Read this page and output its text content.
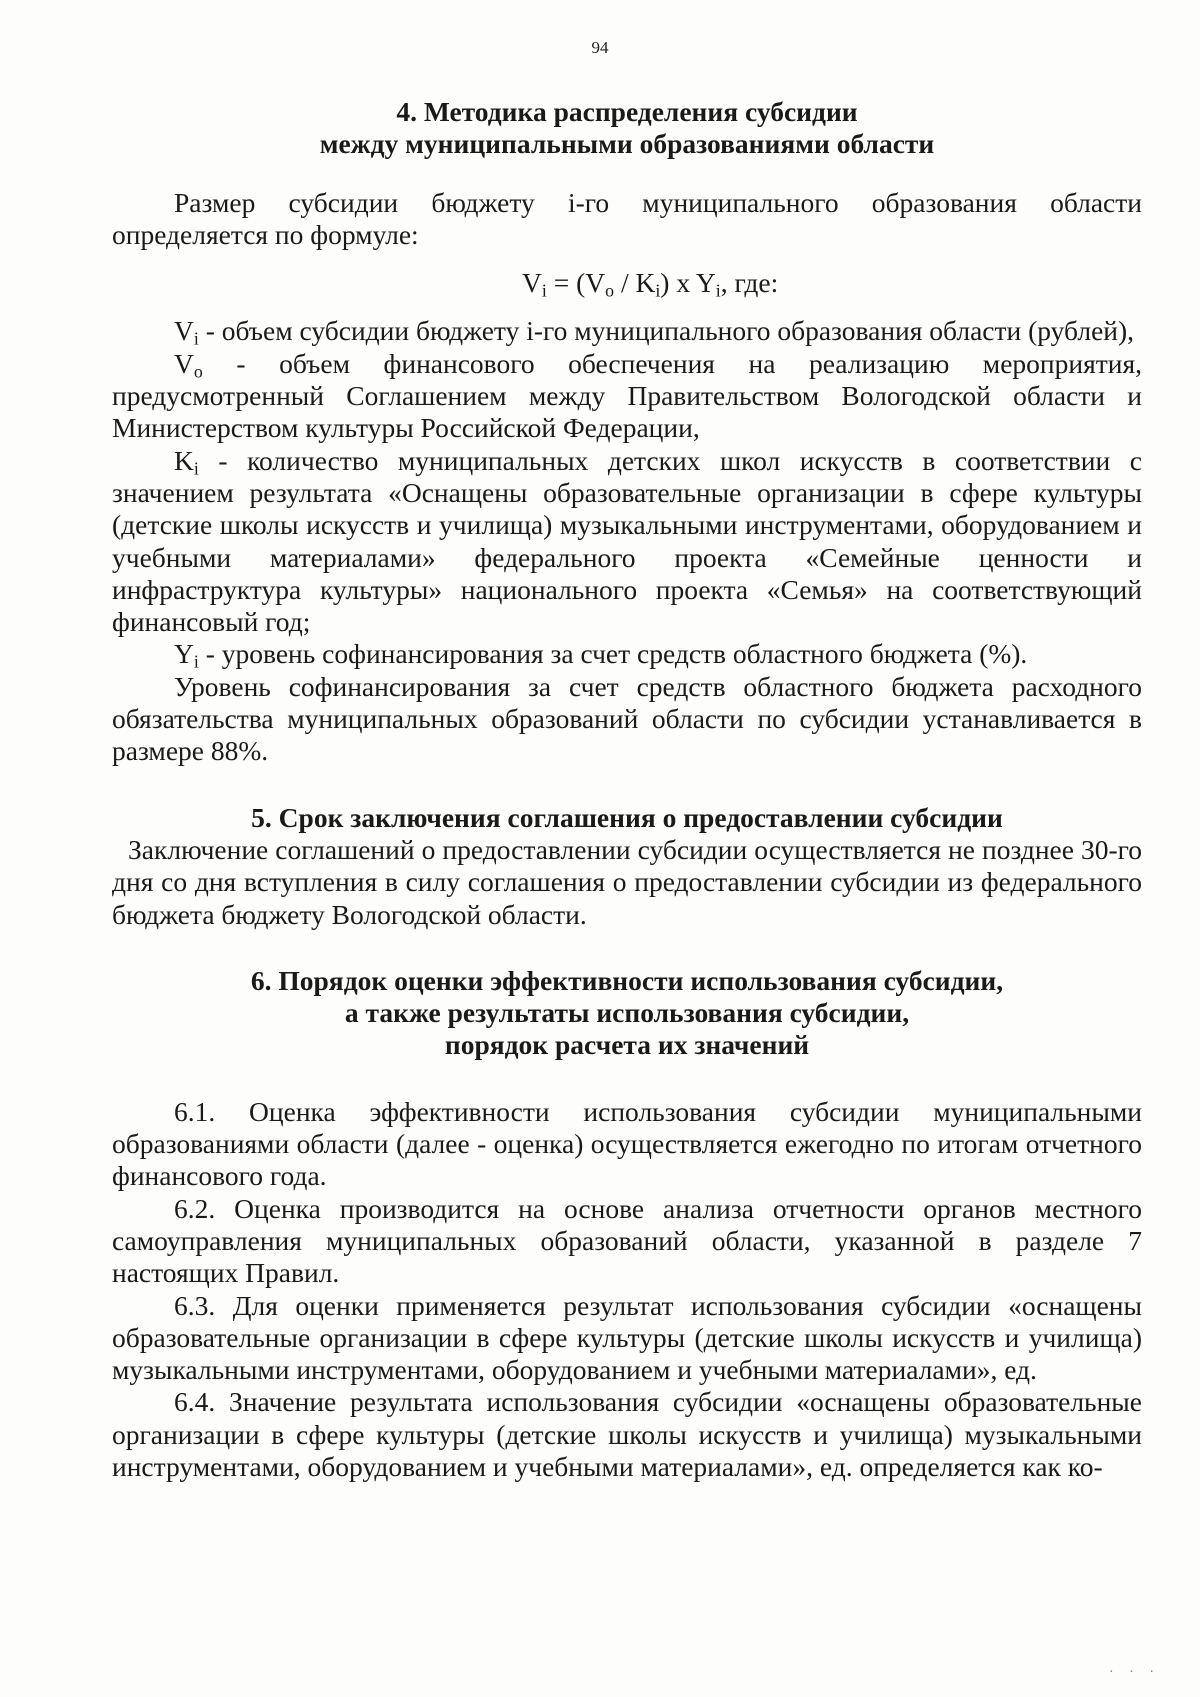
94

4. Методика распределения субсидии

между муниципальными образованиями области

Размер субсидии бюджету i-го муниципального образования области определяется по формуле:

$V_i = (V_o / K_i)$ x $Y_i$, где:

$V_i$ - объем субсидии бюджету i-го муниципального образования области (рублей),

$V_o$ - объем финансового обеспечения на реализацию мероприятия, предусмотренный Соглашением между Правительством Вологодской области и Министерством культуры Российской Федерации,

$K_i$ - количество муниципальных детских школ искусств в соответствии с значением результата «Оснащены образовательные организации в сфере культуры (детские школы искусств и училища) музыкальными инструментами, оборудованием и учебными материалами» федерального проекта «Семейные ценности и инфраструктура культуры» национального проекта «Семья» на соответствующий финансовый год;

$Y_i$ - уровень софинансирования за счет средств областного бюджета (%).

Уровень софинансирования за счет средств областного бюджета расходного обязательства муниципальных образований области по субсидии устанавливается в размере 88%.

5. Срок заключения соглашения о предоставлении субсидии

Заключение соглашений о предоставлении субсидии осуществляется не позднее 30-го дня со дня вступления в силу соглашения о предоставлении субсидии из федерального бюджета бюджету Вологодской области.

6. Порядок оценки эффективности использования субсидии,

а также результаты использования субсидии,

порядок расчета их значений

6.1. Оценка эффективности использования субсидии муниципальными образованиями области (далее - оценка) осуществляется ежегодно по итогам отчетного финансового года.

6.2. Оценка производится на основе анализа отчетности органов местного самоуправления муниципальных образований области, указанной в разделе 7 настоящих Правил.

6.3. Для оценки применяется результат использования субсидии «оснащены образовательные организации в сфере культуры (детские школы искусств и училища) музыкальными инструментами, оборудованием и учебными материалами», ед.

6.4. Значение результата использования субсидии «оснащены образовательные организации в сфере культуры (детские школы искусств и училища) музыкальными инструментами, оборудованием и учебными материалами», ед. определяется как ко-

· · ·
